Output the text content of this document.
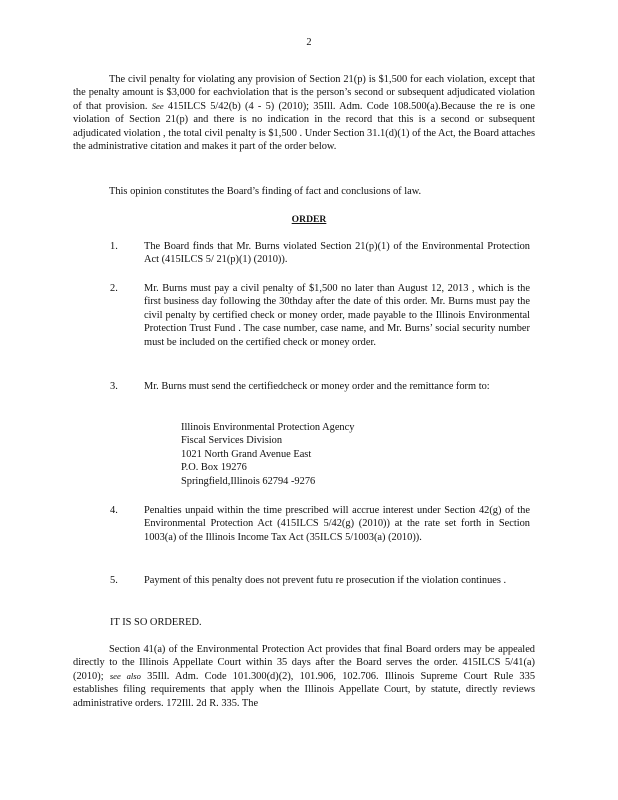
2

The civil penalty for violating any provision of Section 21(p) is $1,500 for each violation, except that the penalty amount is $3,000 for eachviolation that is the person’s second or subsequent adjudicated violation of that provision. See 415ILCS 5/42(b) (4 - 5) (2010); 35Ill. Adm. Code 108.500(a).Because the re is one violation of Section 21(p) and there is no indication in the record that this is a second or subsequent adjudicated violation , the total civil penalty is $1,500 . Under Section 31.1(d)(1) of the Act, the Board attaches the administrative citation and makes it part of the order below.

This opinion constitutes the Board’s finding of fact and conclusions of law.

ORDER
1.	The Board finds that Mr. Burns violated Section 21(p)(1) of the Environmental Protection Act (415ILCS 5/ 21(p)(1) (2010)).
2.	Mr. Burns must pay a civil penalty of $1,500 no later than August 12, 2013 , which is the first business day following the 30thday after the date of this order. Mr. Burns must pay the civil penalty by certified check or money order, made payable to the Illinois Environmental Protection Trust Fund . The case number, case name, and Mr. Burns’ social security number must be included on the certified check or money order.
3.	Mr. Burns must send the certifiedcheck or money order and the remittance form to:
Illinois Environmental Protection Agency
Fiscal Services Division
1021 North Grand Avenue East
P.O. Box 19276
Springfield,Illinois 62794 -9276
4.	Penalties unpaid within the time prescribed will accrue interest under Section 42(g) of the Environmental Protection Act (415ILCS 5/42(g) (2010)) at the rate set forth in Section 1003(a) of the Illinois Income Tax Act (35ILCS 5/1003(a) (2010)).
5.	Payment of this penalty does not prevent futu re prosecution if the violation continues .
IT IS SO ORDERED.

Section 41(a) of the Environmental Protection Act provides that final Board orders may be appealed directly to the Illinois Appellate Court within 35 days after the Board serves the order. 415ILCS 5/41(a) (2010); see also 35Ill. Adm. Code 101.300(d)(2), 101.906, 102.706. Illinois Supreme Court Rule 335 establishes filing requirements that apply when the Illinois Appellate Court, by statute, directly reviews administrative orders. 172Ill. 2d R. 335. The
